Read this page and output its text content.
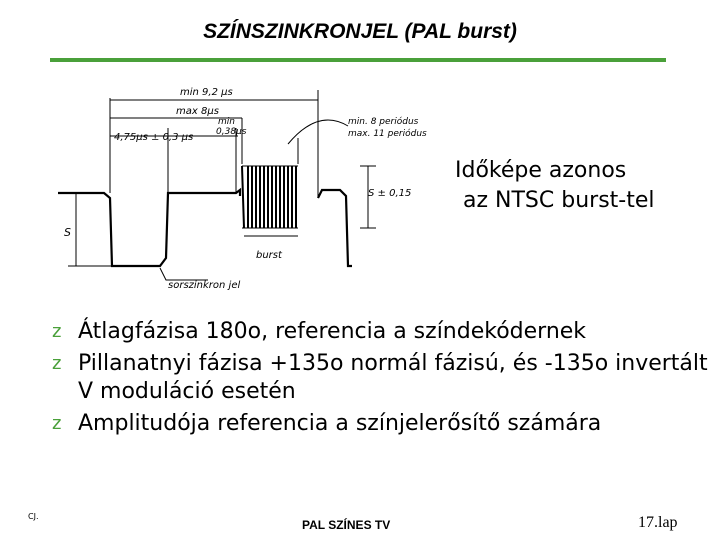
SZÍNSZINKRONJEL (PAL burst)
min 9,2 μs
max 8μs
4,75μs ± 0,3 μs
min
0,38μs
min. 8 periódus
max. 11 periódus
S ± 0,15
S
burst
sorszinkron jel
Időképe azonos
az NTSC burst-tel
z Átlagfázisa 180o, referencia a színdekódernek
z Pillanatnyi fázisa +135o normál fázisú, és -135o invertált V moduláció esetén
z Amplitudója referencia a színjelerősítő számára
CJ.
PAL SZÍNES TV	17.lap
